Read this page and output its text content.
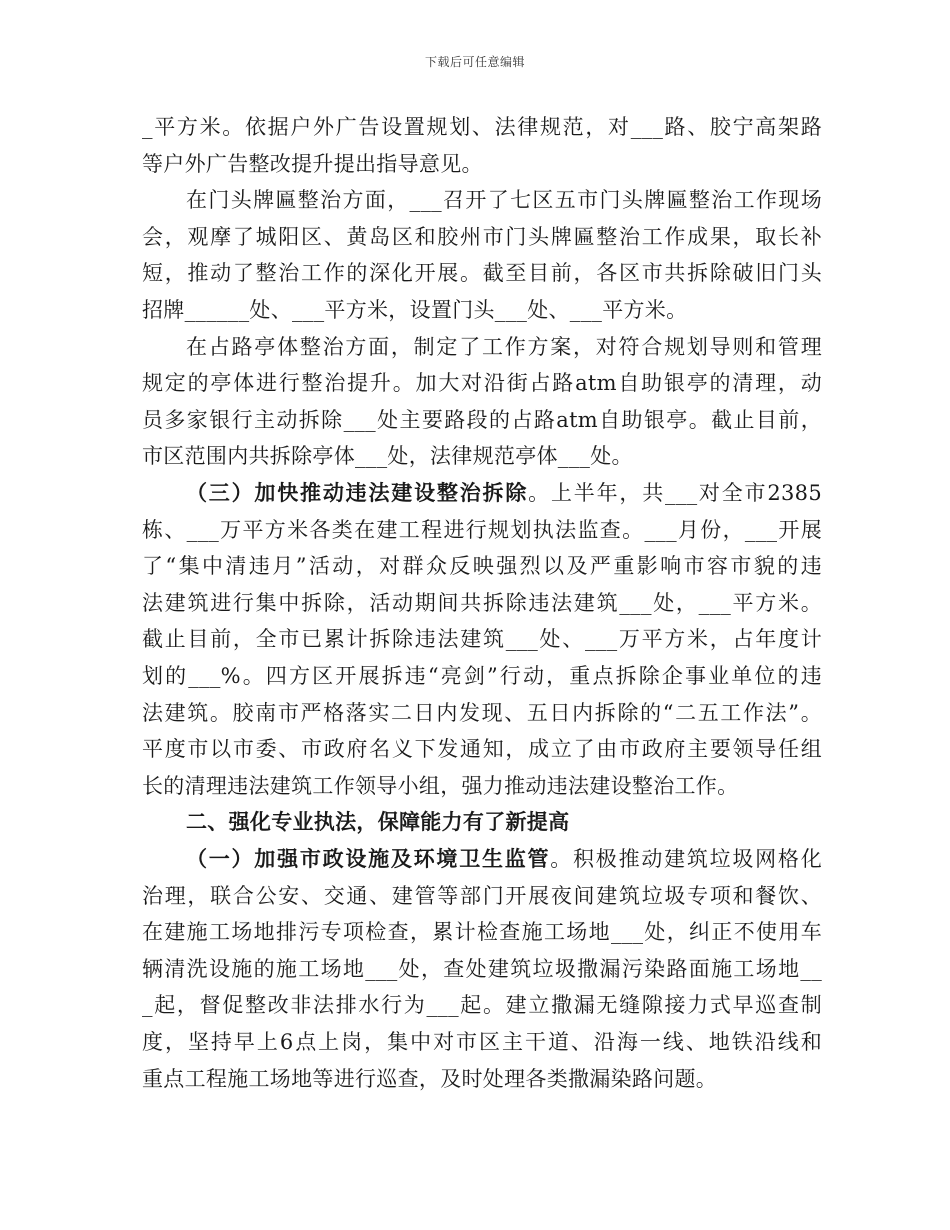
下载后可任意编辑
_平方米。依据户外广告设置规划、法律规范，对___路、胶宁高架路
等户外广告整改提升提出指导意见。
在门头牌匾整治方面，___召开了七区五市门头牌匾整治工作现场
会，观摩了城阳区、黄岛区和胶州市门头牌匾整治工作成果，取长补
短，推动了整治工作的深化开展。截至目前，各区市共拆除破旧门头
招牌______处、___平方米，设置门头___处、___平方米。
在占路亭体整治方面，制定了工作方案，对符合规划导则和管理
规定的亭体进行整治提升。加大对沿街占路atm自助银亭的清理，动
员多家银行主动拆除___处主要路段的占路atm自助银亭。截止目前，
市区范围内共拆除亭体___处，法律规范亭体___处。
（三）加快推动违法建设整治拆除。上半年，共___对全市2385
栋、___万平方米各类在建工程进行规划执法监查。___月份，___开展
了“集中清违月”活动，对群众反映强烈以及严重影响市容市貌的违
法建筑进行集中拆除，活动期间共拆除违法建筑___处，___平方米。
截止目前，全市已累计拆除违法建筑___处、___万平方米，占年度计
划的___%。四方区开展拆违“亮剑”行动，重点拆除企事业单位的违
法建筑。胶南市严格落实二日内发现、五日内拆除的“二五工作法”。
平度市以市委、市政府名义下发通知，成立了由市政府主要领导任组
长的清理违法建筑工作领导小组，强力推动违法建设整治工作。
二、强化专业执法，保障能力有了新提高
（一）加强市政设施及环境卫生监管。积极推动建筑垃圾网格化
治理，联合公安、交通、建管等部门开展夜间建筑垃圾专项和餐饮、
在建施工场地排污专项检查，累计检查施工场地___处，纠正不使用车
辆清洗设施的施工场地___处，查处建筑垃圾撒漏污染路面施工场地__
_起，督促整改非法排水行为___起。建立撒漏无缝隙接力式早巡查制
度，坚持早上6点上岗，集中对市区主干道、沿海一线、地铁沿线和
重点工程施工场地等进行巡查，及时处理各类撒漏染路问题。
